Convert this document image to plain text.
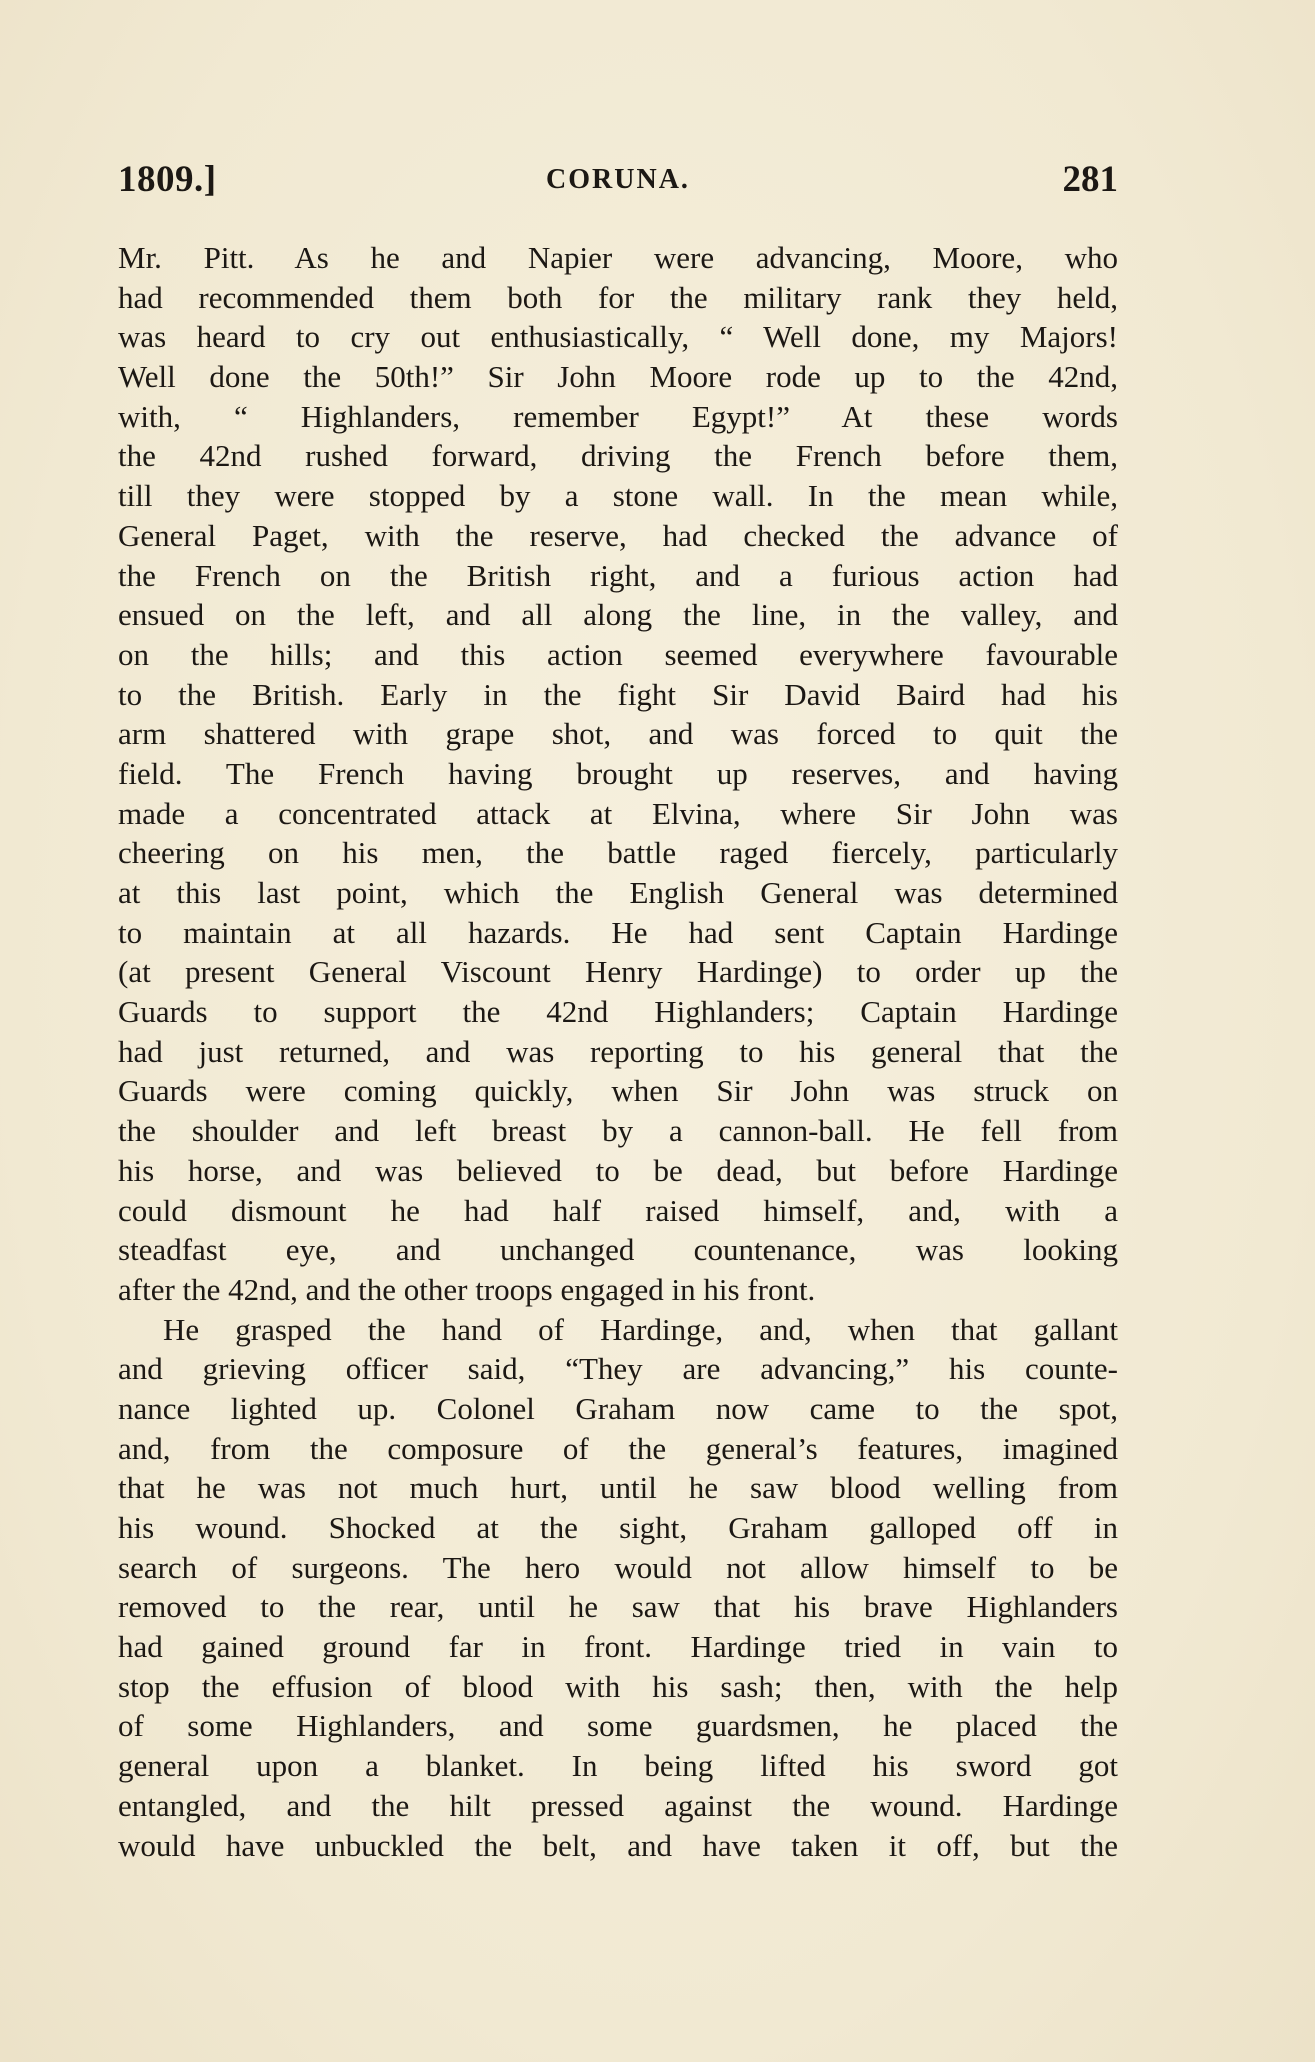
1809.]	CORUNA.	281
Mr. Pitt. As he and Napier were advancing, Moore, who
had recommended them both for the military rank they held,
was heard to cry out enthusiastically, “ Well done, my Majors!
Well done the 50th!” Sir John Moore rode up to the 42nd,
with, “ Highlanders, remember Egypt!” At these words
the 42nd rushed forward, driving the French before them,
till they were stopped by a stone wall. In the mean while,
General Paget, with the reserve, had checked the advance of
the French on the British right, and a furious action had
ensued on the left, and all along the line, in the valley, and
on the hills; and this action seemed everywhere favourable
to the British. Early in the fight Sir David Baird had his
arm shattered with grape shot, and was forced to quit the
field. The French having brought up reserves, and having
made a concentrated attack at Elvina, where Sir John was
cheering on his men, the battle raged fiercely, particularly
at this last point, which the English General was determined
to maintain at all hazards. He had sent Captain Hardinge
(at present General Viscount Henry Hardinge) to order up the
Guards to support the 42nd Highlanders; Captain Hardinge
had just returned, and was reporting to his general that the
Guards were coming quickly, when Sir John was struck on
the shoulder and left breast by a cannon-ball. He fell from
his horse, and was believed to be dead, but before Hardinge
could dismount he had half raised himself, and, with a
steadfast eye, and unchanged countenance, was looking
after the 42nd, and the other troops engaged in his front.
He grasped the hand of Hardinge, and, when that gallant
and grieving officer said, “They are advancing,” his counte-
nance lighted up. Colonel Graham now came to the spot,
and, from the composure of the general’s features, imagined
that he was not much hurt, until he saw blood welling from
his wound. Shocked at the sight, Graham galloped off in
search of surgeons. The hero would not allow himself to be
removed to the rear, until he saw that his brave Highlanders
had gained ground far in front. Hardinge tried in vain to
stop the effusion of blood with his sash; then, with the help
of some Highlanders, and some guardsmen, he placed the
general upon a blanket. In being lifted his sword got
entangled, and the hilt pressed against the wound. Hardinge
would have unbuckled the belt, and have taken it off, but the
